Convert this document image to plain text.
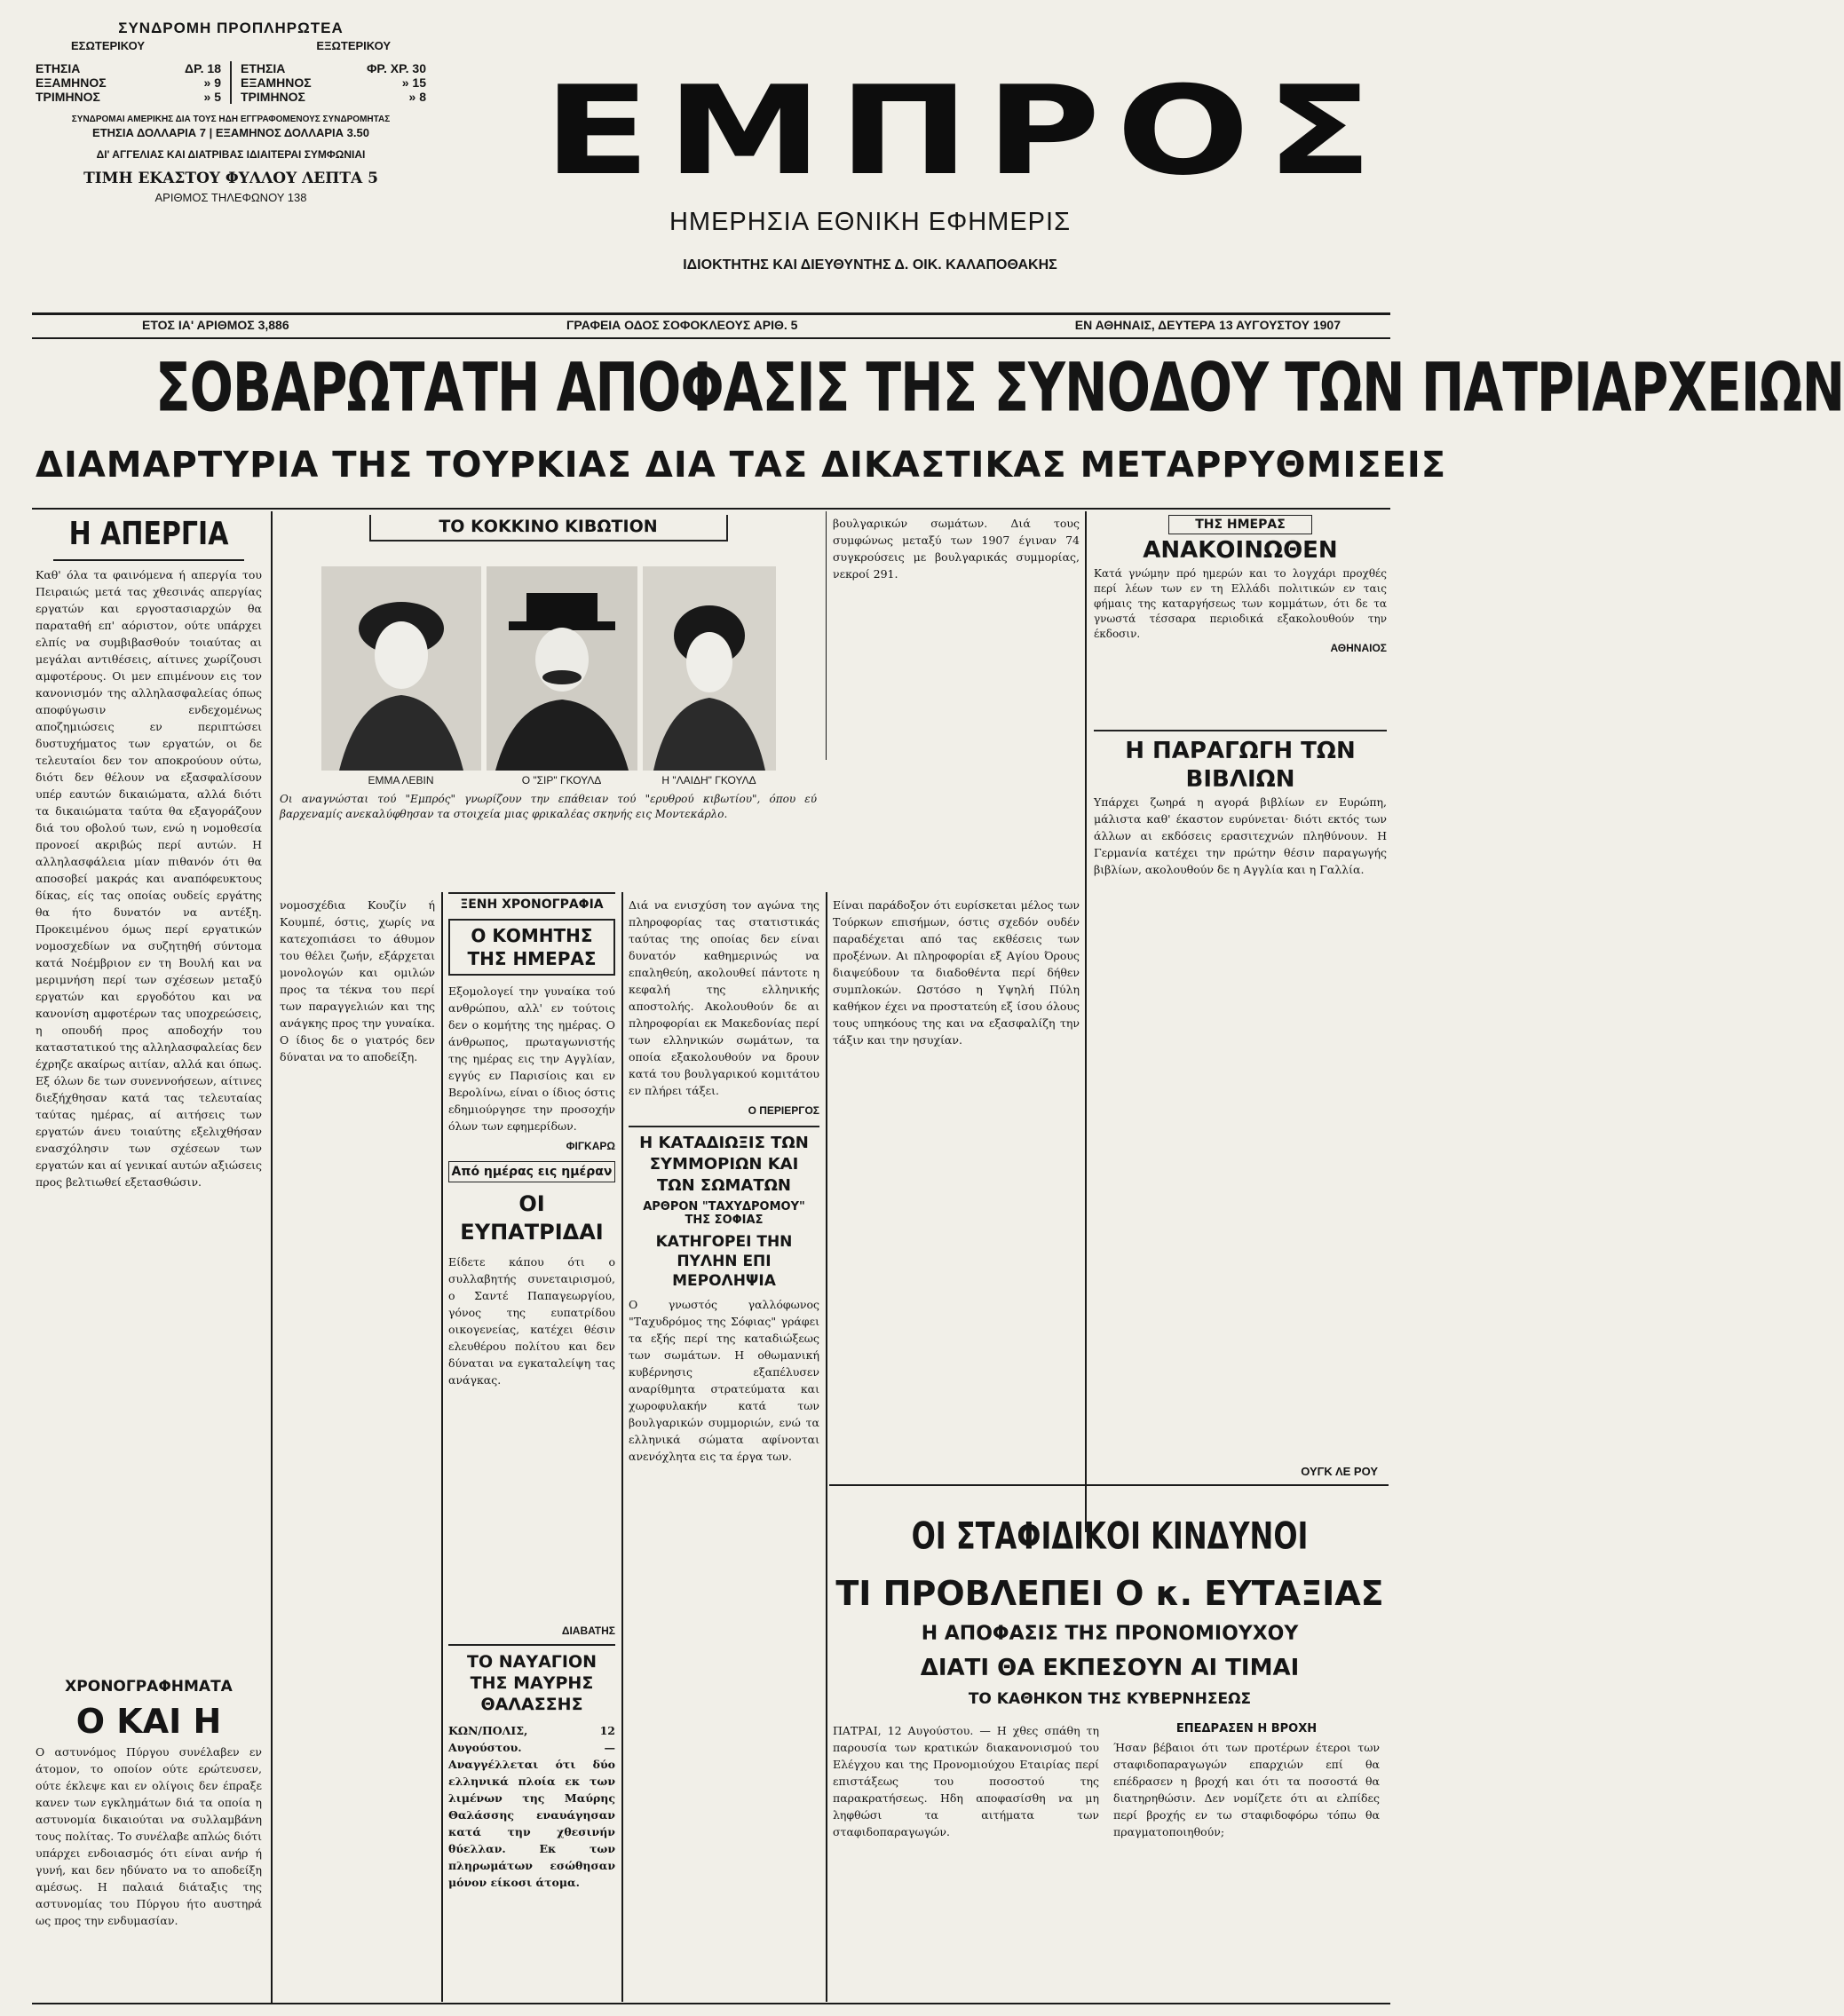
ΣΥΝΔΡΟΜΗ ΠΡΟΠΛΗΡΩΤΕΑ
ΕΣΩΤΕΡΙΚΟΥ	ΕΞΩΤΕΡΙΚΟΥ
ΕΤΗΣΙΑ	ΔΡ. 18
ΕΞΑΜΗΝΟΣ	» 9
ΤΡΙΜΗΝΟΣ	» 5
ΕΤΗΣΙΑ	ΦΡ. ΧΡ. 30
ΕΞΑΜΗΝΟΣ	» 15
ΤΡΙΜΗΝΟΣ	» 8
ΣΥΝΔΡΟΜΑΙ ΑΜΕΡΙΚΗΣ ΔΙΑ ΤΟΥΣ ΗΔΗ ΕΓΓΡΑΦΟΜΕΝΟΥΣ ΣΥΝΔΡΟΜΗΤΑΣ
ΕΤΗΣΙΑ ΔΟΛΛΑΡΙΑ 7 | ΕΞΑΜΗΝΟΣ ΔΟΛΛΑΡΙΑ 3.50
ΔΙ' ΑΓΓΕΛΙΑΣ ΚΑΙ ΔΙΑΤΡΙΒΑΣ ΙΔΙΑΙΤΕΡΑΙ ΣΥΜΦΩΝΙΑΙ
ΤΙΜΗ ΕΚΑΣΤΟΥ ΦΥΛΛΟΥ ΛΕΠΤΑ 5
ΑΡΙΘΜΟΣ ΤΗΛΕΦΩΝΟΥ 138	ΕΜΠΡΟΣ
ΗΜΕΡΗΣΙΑ ΕΘΝΙΚΗ ΕΦΗΜΕΡΙΣ
ΙΔΙΟΚΤΗΤΗΣ ΚΑΙ ΔΙΕΥΘΥΝΤΗΣ Δ. ΟΙΚ. ΚΑΛΑΠΟΘΑΚΗΣ
ΕΤΟΣ ΙΑ' ΑΡΙΘΜΟΣ 3,886	ΓΡΑΦΕΙΑ ΟΔΟΣ ΣΟΦΟΚΛΕΟΥΣ ΑΡΙΘ. 5	ΕΝ ΑΘΗΝΑΙΣ, ΔΕΥΤΕΡΑ 13 ΑΥΓΟΥΣΤΟΥ 1907
ΣΟΒΑΡΩΤΑΤΗ ΑΠΟΦΑΣΙΣ ΤΗΣ ΣΥΝΟΔΟΥ ΤΩΝ ΠΑΤΡΙΑΡΧΕΙΩΝ
ΔΙΑΜΑΡΤΥΡΙΑ ΤΗΣ ΤΟΥΡΚΙΑΣ ΔΙΑ ΤΑΣ ΔΙΚΑΣΤΙΚΑΣ ΜΕΤΑΡΡΥΘΜΙΣΕΙΣ
Η ΑΠΕΡΓΙΑ

Καθ' όλα τα φαινόμενα ή απεργία του Πειραιώς μετά τας χθεσινάς απεργίας εργατών και εργοστασιαρχών θα παραταθή επ' αόριστον, ούτε υπάρχει ελπίς να συμβιβασθούν τοιαύτας αι μεγάλαι αντιθέσεις, αίτινες χωρίζουσι αμφοτέρους. Οι μεν επιμένουν εις τον κανονισμόν της αλληλασφαλείας όπως αποφύγωσιν ενδεχομένως αποζημιώσεις εν περιπτώσει δυστυχήματος των εργατών, οι δε τελευταίοι δεν τον αποκρούουν ούτω, διότι δεν θέλουν να εξασφαλίσουν υπέρ εαυτών δικαιώματα, αλλά διότι τα δικαιώματα ταύτα θα εξαγοράζουν διά του οβολού των, ενώ η νομοθεσία προνοεί ακριβώς περί αυτών. Η αλληλασφάλεια μίαν πιθανόν ότι θα αποσοβεί μακράς και αναπόφευκτους δίκας, είς τας οποίας ουδείς εργάτης θα ήτο δυνατόν να αντέξη. Προκειμένου όμως περί εργατικών νομοσχεδίων να συζητηθή σύντομα κατά Νοέμβριον εν τη Βουλή και να μεριμνήση περί των σχέσεων μεταξύ εργατών και εργοδότου και να κανονίση αμφοτέρων τας υποχρεώσεις, η οπουδή προς αποδοχήν του καταστατικού της αλληλασφαλείας δεν έχρηζε ακαίρως αιτίαν, αλλά και όπως. Εξ όλων δε των συνεννοήσεων, αίτινες διεξήχθησαν κατά τας τελευταίας ταύτας ημέρας, αί αιτήσεις των εργατών άνευ τοιαύτης εξελιχθήσαν ενασχόλησιν των σχέσεων των εργατών και αί γενικαί αυτών αξιώσεις προς βελτιωθεί εξετασθώσιν.

ΧΡΟΝΟΓΡΑΦΗΜΑΤΑ
Ο ΚΑΙ Η

Ο αστυνόμος Πύργου συνέλαβεν εν άτομον, το οποίον ούτε ερώτευσεν, ούτε έκλεψε και εν ολίγοις δεν έπραξε κανεν των εγκλημάτων διά τα οποία η αστυνομία δικαιούται να συλλαμβάνη τους πολίτας. Το συνέλαβε απλώς διότι υπάρχει ενδοιασμός ότι είναι ανήρ ή γυνή, και δεν ηδύνατο να το αποδείξη αμέσως. Η παλαιά διάταξις της αστυνομίας του Πύργου ήτο αυστηρά ως προς την ενδυμασίαν.

ΤΟ ΚΟΚΚΙΝΟ ΚΙΒΩΤΙΟΝ
ΕΜΜΑ ΛΕΒΙΝ	Ο "ΣΙΡ" ΓΚΟΥΛΔ	Η "ΛΑΙΔΗ" ΓΚΟΥΛΔ

Οι αναγνώσται τού "Εμπρός" γνωρίζουν την επάθειαν τού "ερυθρού κιβωτίου", όπου εύ βαρχεναμίς ανεκαλύφθησαν τα στοιχεία μιας φρικαλέας σκηνής εις Μοντεκάρλο.

νομοσχέδια Κουζίν ή Κουμπέ, όστις, χωρίς να κατεχοπιάσει το άθυμον του θέλει ζωήν, εξάρχεται μονολογών και ομιλών προς τα τέκνα του περί των παραγγελιών και της ανάγκης προς την γυναίκα. Ο ίδιος δε ο γιατρός δεν δύναται να το αποδείξη.

ΞΕΝΗ ΧΡΟΝΟΓΡΑΦΙΑ
Ο ΚΟΜΗΤΗΣ ΤΗΣ ΗΜΕΡΑΣ

Εξομολογεί την γυναίκα τού ανθρώπου, αλλ' εν τούτοις δεν ο κομήτης της ημέρας. Ο άνθρωπος, πρωταγωνιστής της ημέρας εις την Αγγλίαν, εγγύς εν Παρισίοις και εν Βερολίνω, είναι ο ίδιος όστις εδημιούργησε την προσοχήν όλων των εφημερίδων.

ΦΙΓΚΑΡΩ
Από ημέρας εις ημέραν
ΟΙ ΕΥΠΑΤΡΙΔΑΙ

Είδετε κάπου ότι ο συλλαβητής συνεταιρισμού, ο Σαντέ Παπαγεωργίου, γόνος της ευπατρίδου οικογενείας, κατέχει θέσιν ελευθέρου πολίτου και δεν δύναται να εγκαταλείψη τας ανάγκας.

ΔΙΑΒΑΤΗΣ
ΤΟ ΝΑΥΑΓΙΟΝ ΤΗΣ ΜΑΥΡΗΣ ΘΑΛΑΣΣΗΣ

ΚΩΝ/ΠΟΛΙΣ, 12 Αυγούστου. — Αναγγέλλεται ότι δύο ελληνικά πλοία εκ των λιμένων της Μαύρης Θαλάσσης εναυάγησαν κατά την χθεσινήν θύελλαν. Εκ των πληρωμάτων εσώθησαν μόνον είκοσι άτομα.

Διά να ενισχύση τον αγώνα της πληροφορίας τας στατιστικάς ταύτας της οποίας δεν είναι δυνατόν καθημερινώς να επαληθεύη, ακολουθεί πάντοτε η κεφαλή της ελληνικής αποστολής. Ακολουθούν δε αι πληροφορίαι εκ Μακεδονίας περί των ελληνικών σωμάτων, τα οποία εξακολουθούν να δρουν κατά του βουλγαρικού κομιτάτου εν πλήρει τάξει.

Ο ΠΕΡΙΕΡΓΟΣ
Η ΚΑΤΑΔΙΩΞΙΣ ΤΩΝ ΣΥΜΜΟΡΙΩΝ ΚΑΙ ΤΩΝ ΣΩΜΑΤΩΝ
ΑΡΘΡΟΝ "ΤΑΧΥΔΡΟΜΟΥ" ΤΗΣ ΣΟΦΙΑΣ
ΚΑΤΗΓΟΡΕΙ ΤΗΝ ΠΥΛΗΝ ΕΠΙ ΜΕΡΟΛΗΨΙΑ

Ο γνωστός γαλλόφωνος "Ταχυδρόμος της Σόφιας" γράφει τα εξής περί της καταδιώξεως των σωμάτων. Η οθωμανική κυβέρνησις εξαπέλυσεν αναρίθμητα στρατεύματα και χωροφυλακήν κατά των βουλγαρικών συμμοριών, ενώ τα ελληνικά σώματα αφίνονται ανενόχλητα εις τα έργα των.

βουλγαρικών σωμάτων. Διά τους συμφώνως μεταξύ των 1907 έγιναν 74 συγκρούσεις με βουλγαρικάς συμμορίας, νεκροί 291.

Είναι παράδοξον ότι ευρίσκεται μέλος των Τούρκων επισήμων, όστις σχεδόν ουδέν παραδέχεται από τας εκθέσεις των προξένων. Αι πληροφορίαι εξ Αγίου Όρους διαψεύδουν τα διαδοθέντα περί δήθεν συμπλοκών. Ωστόσο η Υψηλή Πύλη καθήκον έχει να προστατεύη εξ ίσου όλους τους υπηκόους της και να εξασφαλίζη την τάξιν και την ησυχίαν.

ΤΗΣ ΗΜΕΡΑΣ
ΑΝΑΚΟΙΝΩΘΕΝ

Κατά γνώμην πρό ημερών και το λογχάρι προχθές περί λέων των εν τη Ελλάδι πολιτικών εν ταις φήμαις της καταργήσεως των κομμάτων, ότι δε τα γνωστά τέσσαρα περιοδικά εξακολουθούν την έκδοσιν.

ΑΘΗΝΑΙΟΣ
Η ΠΑΡΑΓΩΓΗ ΤΩΝ ΒΙΒΛΙΩΝ

Υπάρχει ζωηρά η αγορά βιβλίων εν Ευρώπη, μάλιστα καθ' έκαστον ευρύνεται· διότι εκτός των άλλων αι εκδόσεις ερασιτεχνών πληθύνουν. Η Γερμανία κατέχει την πρώτην θέσιν παραγωγής βιβλίων, ακολουθούν δε η Αγγλία και η Γαλλία.

ΟΥΓΚ ΛΕ ΡΟΥ
ΟΙ ΣΤΑΦΙΔΙΚΟΙ ΚΙΝΔΥΝΟΙ
ΤΙ ΠΡΟΒΛΕΠΕΙ Ο κ. ΕΥΤΑΞΙΑΣ
Η ΑΠΟΦΑΣΙΣ ΤΗΣ ΠΡΟΝΟΜΙΟΥΧΟΥ
ΔΙΑΤΙ ΘΑ ΕΚΠΕΣΟΥΝ ΑΙ ΤΙΜΑΙ
ΤΟ ΚΑΘΗΚΟΝ ΤΗΣ ΚΥΒΕΡΝΗΣΕΩΣ

ΠΑΤΡΑΙ, 12 Αυγούστου. — Η χθες σπάθη τη παρουσία των κρατικών διακανονισμού του Ελέγχου και της Προνομιούχου Εταιρίας περί επιστάξεως του ποσοστού της παρακρατήσεως. Ηδη αποφασίσθη να μη ληφθώσι τα αιτήματα των σταφιδοπαραγωγών.

ΕΠΕΔΡΑΣΕΝ Η ΒΡΟΧΗ

Ήσαν βέβαιοι ότι των προτέρων έτεροι των σταφιδοπαραγωγών επαρχιών επί θα επέδρασεν η βροχή και ότι τα ποσοστά θα διατηρηθώσιν. Δεν νομίζετε ότι αι ελπίδες περί βροχής εν τω σταφιδοφόρω τόπω θα πραγματοποιηθούν;
